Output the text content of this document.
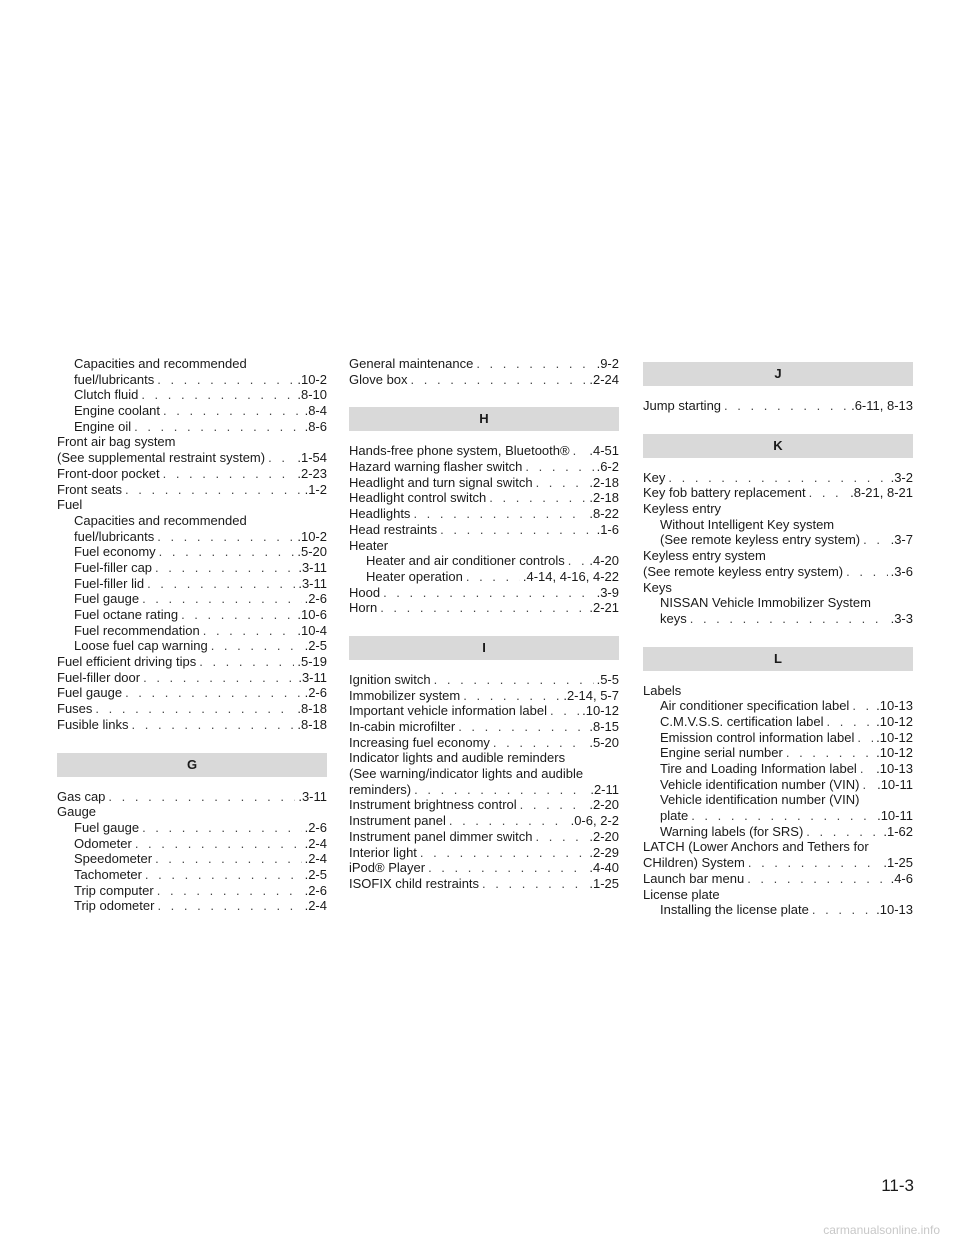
Capacities and recommended
fuel/lubricants . . .	.10-2
Clutch fluid . . .	.8-10
Engine coolant . . .	.8-4
Engine oil . . .	.8-6
Front air bag system
(See supplemental restraint system) . . . .1-54
Front-door pocket . . .	.2-23
Front seats . . .	.1-2
Fuel
Capacities and recommended
fuel/lubricants . . .	.10-2
Fuel economy . . .	.5-20
Fuel-filler cap . . .	.3-11
Fuel-filler lid . . .	.3-11
Fuel gauge . . .	.2-6
Fuel octane rating . . .	.10-6
Fuel recommendation . . .	.10-4
Loose fuel cap warning . . .	.2-5
Fuel efficient driving tips . . .	.5-19
Fuel-filler door . . .	.3-11
Fuel gauge . . .	.2-6
Fuses . . .	.8-18
Fusible links . . .	.8-18
G
Gas cap . . .	.3-11
Gauge
Fuel gauge . . .	.2-6
Odometer . . .	.2-4
Speedometer . . .	.2-4
Tachometer . . .	.2-5
Trip computer . . .	.2-6
Trip odometer . . .	.2-4
General maintenance . . .	.9-2
Glove box . . .	.2-24
H
Hands-free phone system, Bluetooth® . . . .4-51
Hazard warning flasher switch . . .	.6-2
Headlight and turn signal switch . . .	.2-18
Headlight control switch . . .	.2-18
Headlights . . .	.8-22
Head restraints . . .	.1-6
Heater
Heater and air conditioner controls . . . .4-20
Heater operation . . .	.4-14, 4-16, 4-22
Hood . . .	.3-9
Horn . . .	.2-21
I
Ignition switch . . .	.5-5
Immobilizer system . . .	.2-14, 5-7
Important vehicle information label . . .	.10-12
In-cabin microfilter . . .	.8-15
Increasing fuel economy . . .	.5-20
Indicator lights and audible reminders
(See warning/indicator lights and audible
reminders) . . .	.2-11
Instrument brightness control . . .	.2-20
Instrument panel . . .	.0-6, 2-2
Instrument panel dimmer switch . . .	.2-20
Interior light . . .	.2-29
iPod® Player . . .	.4-40
ISOFIX child restraints . . .	.1-25
J
Jump starting . . .	.6-11, 8-13
K
Key . . .	.3-2
Key fob battery replacement . . .	.8-21, 8-21
Keyless entry
Without Intelligent Key system
(See remote keyless entry system) . . . .3-7
Keyless entry system
(See remote keyless entry system) . . .	.3-6
Keys
NISSAN Vehicle Immobilizer System
keys . . .	.3-3
L
Labels
Air conditioner specification label . . . .10-13
C.M.V.S.S. certification label . . .	.10-12
Emission control information label . . . .10-12
Engine serial number . . .	.10-12
Tire and Loading Information label . . . .10-13
Vehicle identification number (VIN) . . . .10-11
Vehicle identification number (VIN)
plate . . .	.10-11
Warning labels (for SRS) . . .	.1-62
LATCH (Lower Anchors and Tethers for
CHildren) System . . .	.1-25
Launch bar menu . . .	.4-6
License plate
Installing the license plate . . .	.10-13
11-3
carmanualsonline.info
